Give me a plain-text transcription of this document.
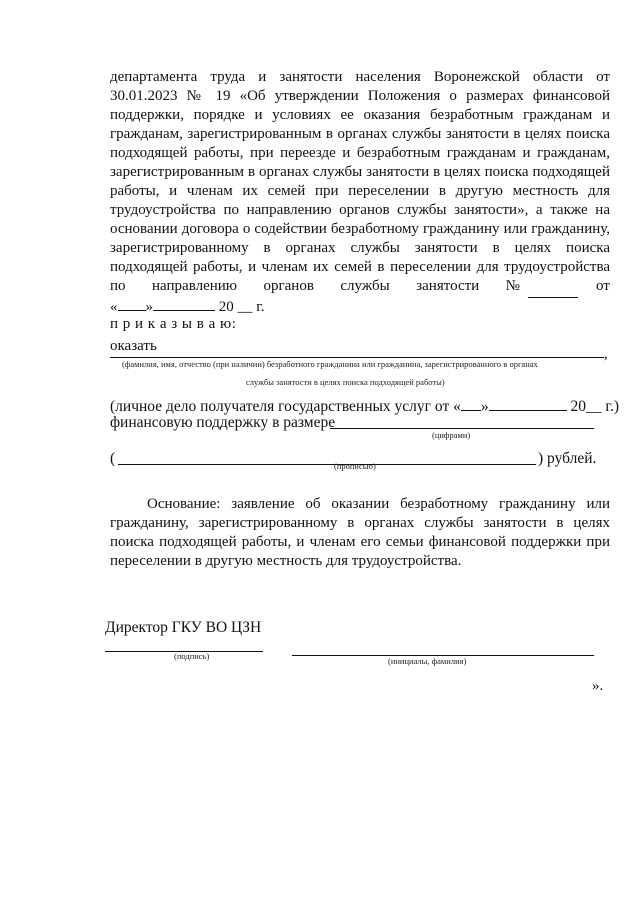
департамента труда и занятости населения Воронежской области от
30.01.2023 № 19 «Об утверждении Положения о размерах финансовой
поддержки, порядке и условиях ее оказания безработным гражданам и
гражданам, зарегистрированным в органах службы занятости в целях поиска
подходящей работы, при переезде и безработным гражданам и гражданам,
зарегистрированным в органах службы занятости в целях поиска подходящей
работы, и членам их семей при переселении в другую местность для
трудоустройства по направлению органов службы занятости», а также на
основании договора о содействии безработному гражданину или гражданину,
зарегистрированному в органах службы занятости в целях поиска
подходящей работы, и членам их семей в переселении для трудоустройства
по направлению органов службы занятости №	от
« »	20 __ г.
п р и к а з ы в а ю:
оказать	,
(фамилия, имя, отчество (при наличии) безработного гражданина или гражданина, зарегистрированного в органах
службы занятости в целях поиска подходящей работы)
(личное дело получателя государственных услуг от « »	20__ г.)
финансовую поддержку в размере
(цифрами)
(	(прописью)	) рублей.
Основание: заявление об оказании безработному гражданину или
гражданину, зарегистрированному в органах службы занятости в целях
поиска подходящей работы, и членам его семьи финансовой поддержки при
переселении в другую местность для трудоустройства.
Директор ГКУ ВО ЦЗН
(подпись)	(инициалы, фамилия)
».
